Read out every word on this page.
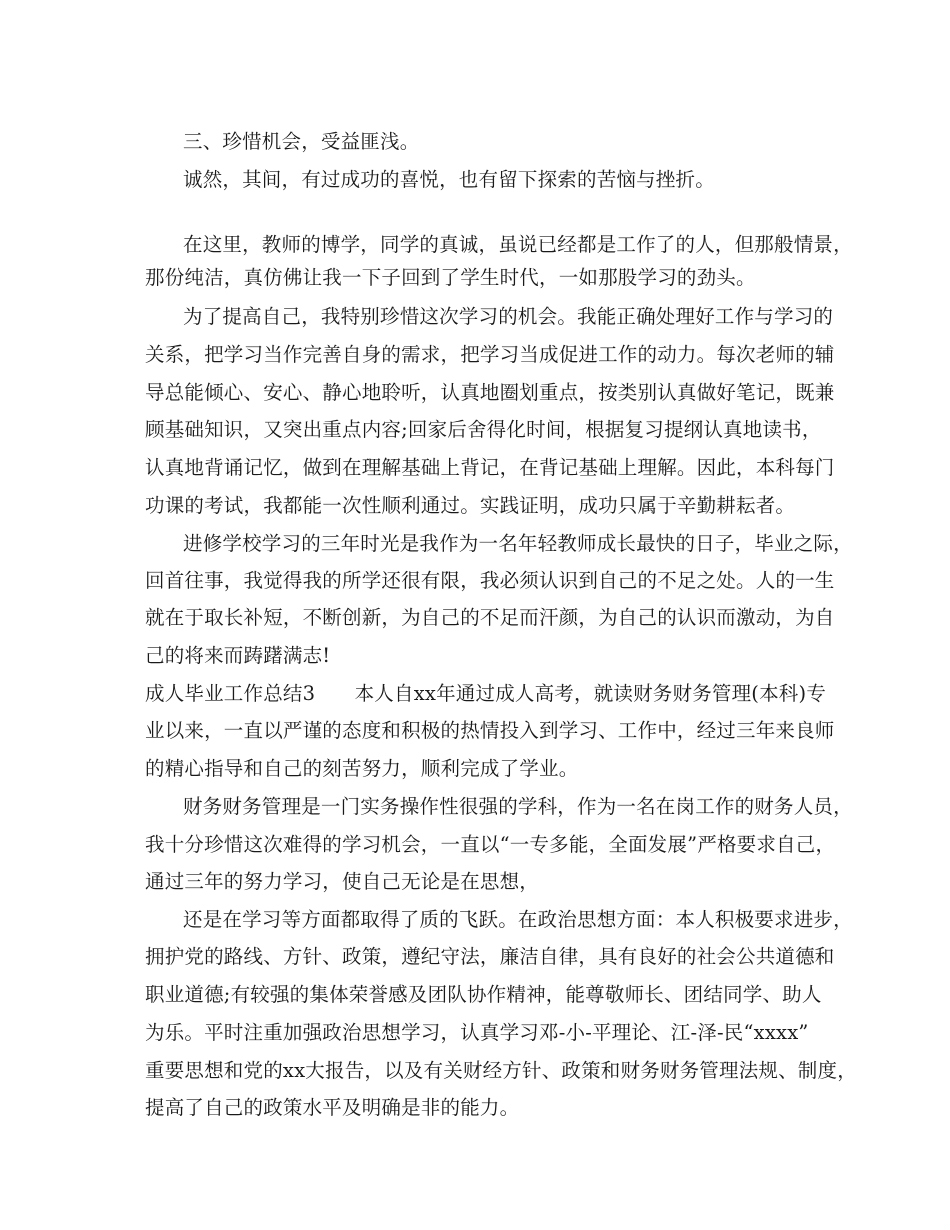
三、珍惜机会，受益匪浅。
诚然，其间，有过成功的喜悦，也有留下探索的苦恼与挫折。
在这里，教师的博学，同学的真诚，虽说已经都是工作了的人，但那般情景，
那份纯洁，真仿佛让我一下子回到了学生时代，一如那股学习的劲头。
为了提高自己，我特别珍惜这次学习的机会。我能正确处理好工作与学习的
关系，把学习当作完善自身的需求，把学习当成促进工作的动力。每次老师的辅
导总能倾心、安心、静心地聆听，认真地圈划重点，按类别认真做好笔记，既兼
顾基础知识，又突出重点内容;回家后舍得化时间，根据复习提纲认真地读书，
认真地背诵记忆，做到在理解基础上背记，在背记基础上理解。因此，本科每门
功课的考试，我都能一次性顺利通过。实践证明，成功只属于辛勤耕耘者。
进修学校学习的三年时光是我作为一名年轻教师成长最快的日子，毕业之际，
回首往事，我觉得我的所学还很有限，我必须认识到自己的不足之处。人的一生
就在于取长补短，不断创新，为自己的不足而汗颜，为自己的认识而激动，为自
己的将来而踌躇满志!
成人毕业工作总结3　　本人自xx年通过成人高考，就读财务财务管理(本科)专
业以来，一直以严谨的态度和积极的热情投入到学习、工作中，经过三年来良师
的精心指导和自己的刻苦努力，顺利完成了学业。
财务财务管理是一门实务操作性很强的学科，作为一名在岗工作的财务人员，
我十分珍惜这次难得的学习机会，一直以“一专多能，全面发展”严格要求自己，
通过三年的努力学习，使自己无论是在思想，
还是在学习等方面都取得了质的飞跃。在政治思想方面：本人积极要求进步，
拥护党的路线、方针、政策，遵纪守法，廉洁自律，具有良好的社会公共道德和
职业道德;有较强的集体荣誉感及团队协作精神，能尊敬师长、团结同学、助人
为乐。平时注重加强政治思想学习，认真学习邓-小-平理论、江-泽-民“xxxx”
重要思想和党的xx大报告，以及有关财经方针、政策和财务财务管理法规、制度，
提高了自己的政策水平及明确是非的能力。
